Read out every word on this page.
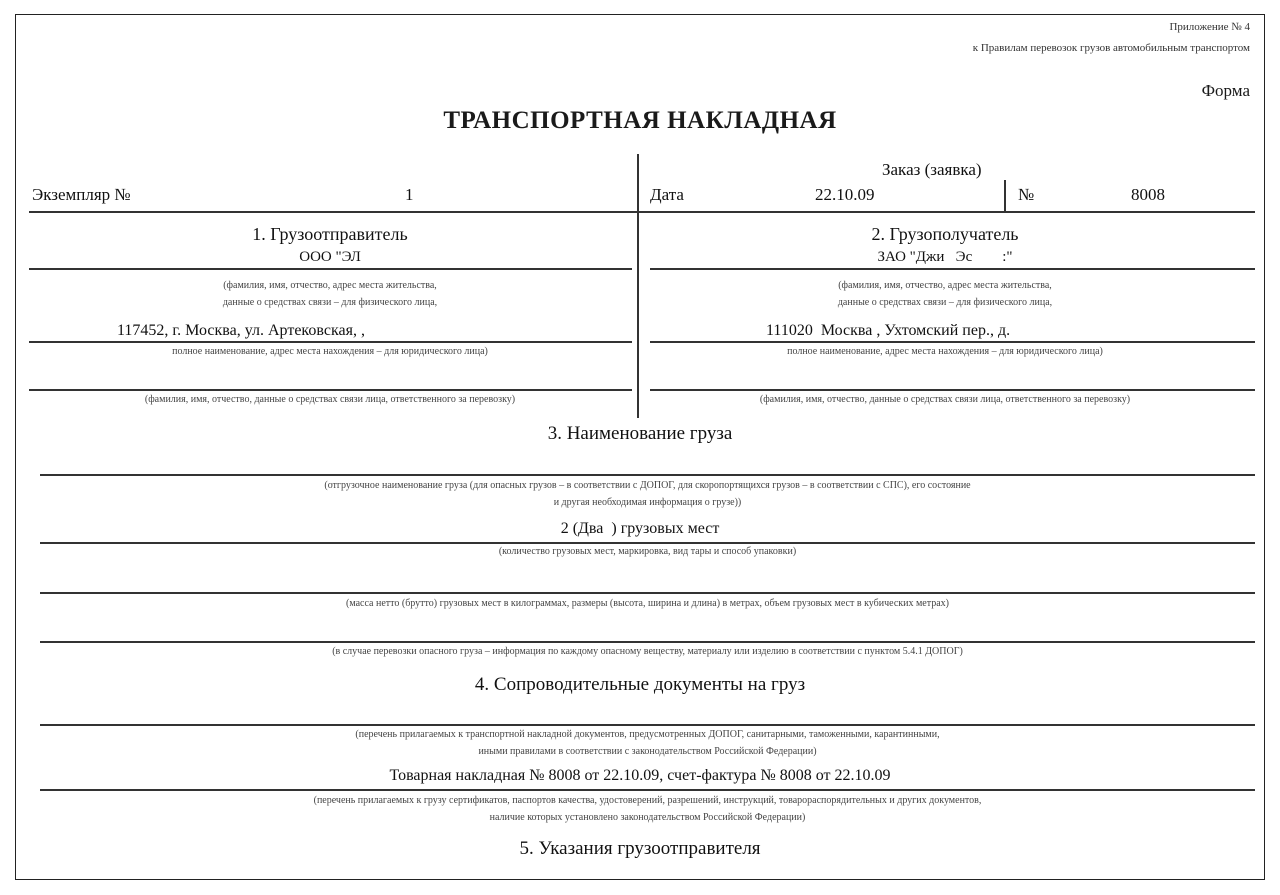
Приложение № 4
к Правилам перевозок грузов автомобильным транспортом
Форма
ТРАНСПОРТНАЯ НАКЛАДНАЯ
Экземпляр №	1
Заказ (заявка)
Дата	22.10.09	№	8008
1. Грузоотправитель
ООО "ЭЛ
(фамилия, имя, отчество, адрес места жительства,
данные о средствах связи – для физического лица,
117452, г. Москва, ул. Артековская, ,
полное наименование, адрес места нахождения – для юридического лица)
(фамилия, имя, отчество, данные о средствах связи лица, ответственного за перевозку)
2. Грузополучатель
ЗАО "Джи   Эс        :"
(фамилия, имя, отчество, адрес места жительства,
данные о средствах связи – для физического лица,
111020  Москва , Ухтомский пер., д.
полное наименование, адрес места нахождения – для юридического лица)
(фамилия, имя, отчество, данные о средствах связи лица, ответственного за перевозку)
3. Наименование груза
(отгрузочное наименование груза (для опасных грузов – в соответствии с ДОПОГ, для скоропортящихся грузов – в соответствии с СПС), его состояние
и другая необходимая информация о грузе))
2 (Два  ) грузовых мест
(количество грузовых мест, маркировка, вид тары и способ упаковки)
(масса нетто (брутто) грузовых мест в килограммах, размеры (высота, ширина и длина) в метрах, объем грузовых мест в кубических метрах)
(в случае перевозки опасного груза – информация по каждому опасному веществу, материалу или изделию в соответствии с пунктом 5.4.1 ДОПОГ)
4. Сопроводительные документы на груз
(перечень прилагаемых к транспортной накладной документов, предусмотренных ДОПОГ, санитарными, таможенными, карантинными,
иными правилами в соответствии с законодательством Российской Федерации)
Товарная накладная № 8008 от 22.10.09, счет-фактура № 8008 от 22.10.09
(перечень прилагаемых к грузу сертификатов, паспортов качества, удостоверений, разрешений, инструкций, товарораспорядительных и других документов,
наличие которых установлено законодательством Российской Федерации)
5. Указания грузоотправителя
